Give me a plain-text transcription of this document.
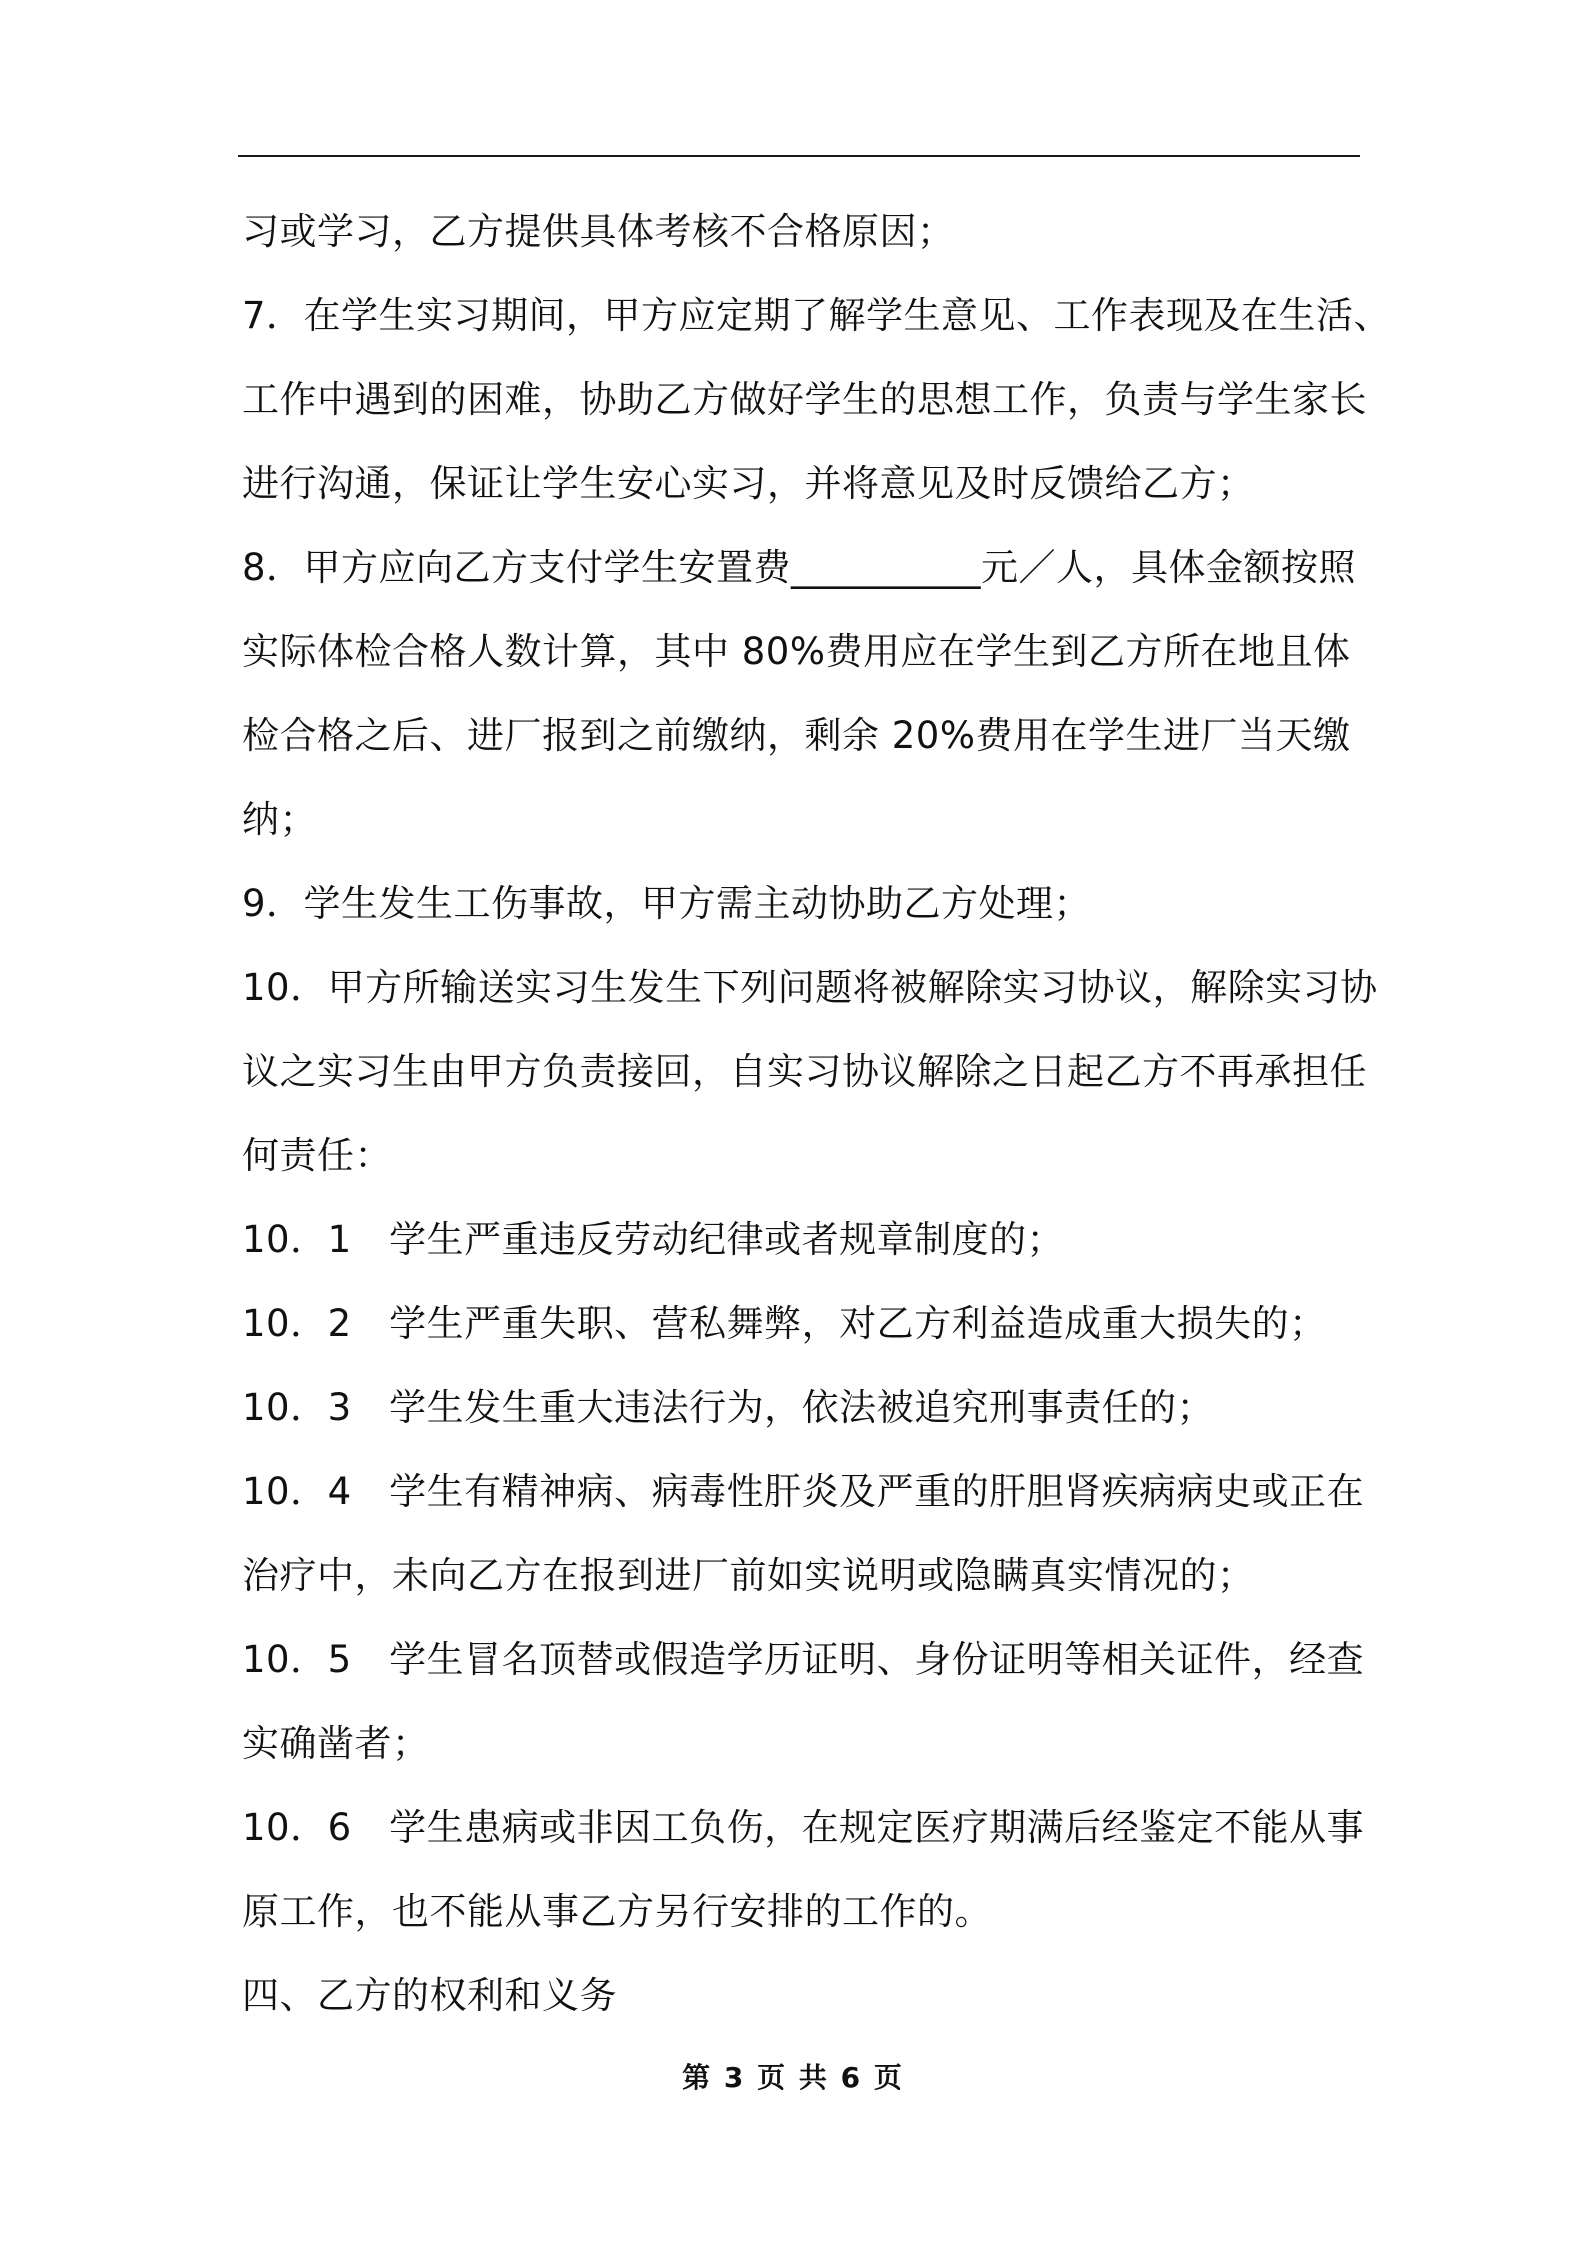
习或学习，乙方提供具体考核不合格原因；
7．在学生实习期间，甲方应定期了解学生意见、工作表现及在生活、
工作中遇到的困难，协助乙方做好学生的思想工作，负责与学生家长
进行沟通，保证让学生安心实习，并将意见及时反馈给乙方；
8．甲方应向乙方支付学生安置费__________元／人，具体金额按照
实际体检合格人数计算，其中 80%费用应在学生到乙方所在地且体
检合格之后、进厂报到之前缴纳，剩余 20%费用在学生进厂当天缴
纳；
9．学生发生工伤事故，甲方需主动协助乙方处理；
10．甲方所输送实习生发生下列问题将被解除实习协议，解除实习协
议之实习生由甲方负责接回，自实习协议解除之日起乙方不再承担任
何责任：
10．1　学生严重违反劳动纪律或者规章制度的；
10．2　学生严重失职、营私舞弊，对乙方利益造成重大损失的；
10．3　学生发生重大违法行为，依法被追究刑事责任的；
10．4　学生有精神病、病毒性肝炎及严重的肝胆肾疾病病史或正在
治疗中，未向乙方在报到进厂前如实说明或隐瞒真实情况的；
10．5　学生冒名顶替或假造学历证明、身份证明等相关证件，经查
实确凿者；
10．6　学生患病或非因工负伤，在规定医疗期满后经鉴定不能从事
原工作，也不能从事乙方另行安排的工作的。
四、乙方的权利和义务
第 3 页 共 6 页
